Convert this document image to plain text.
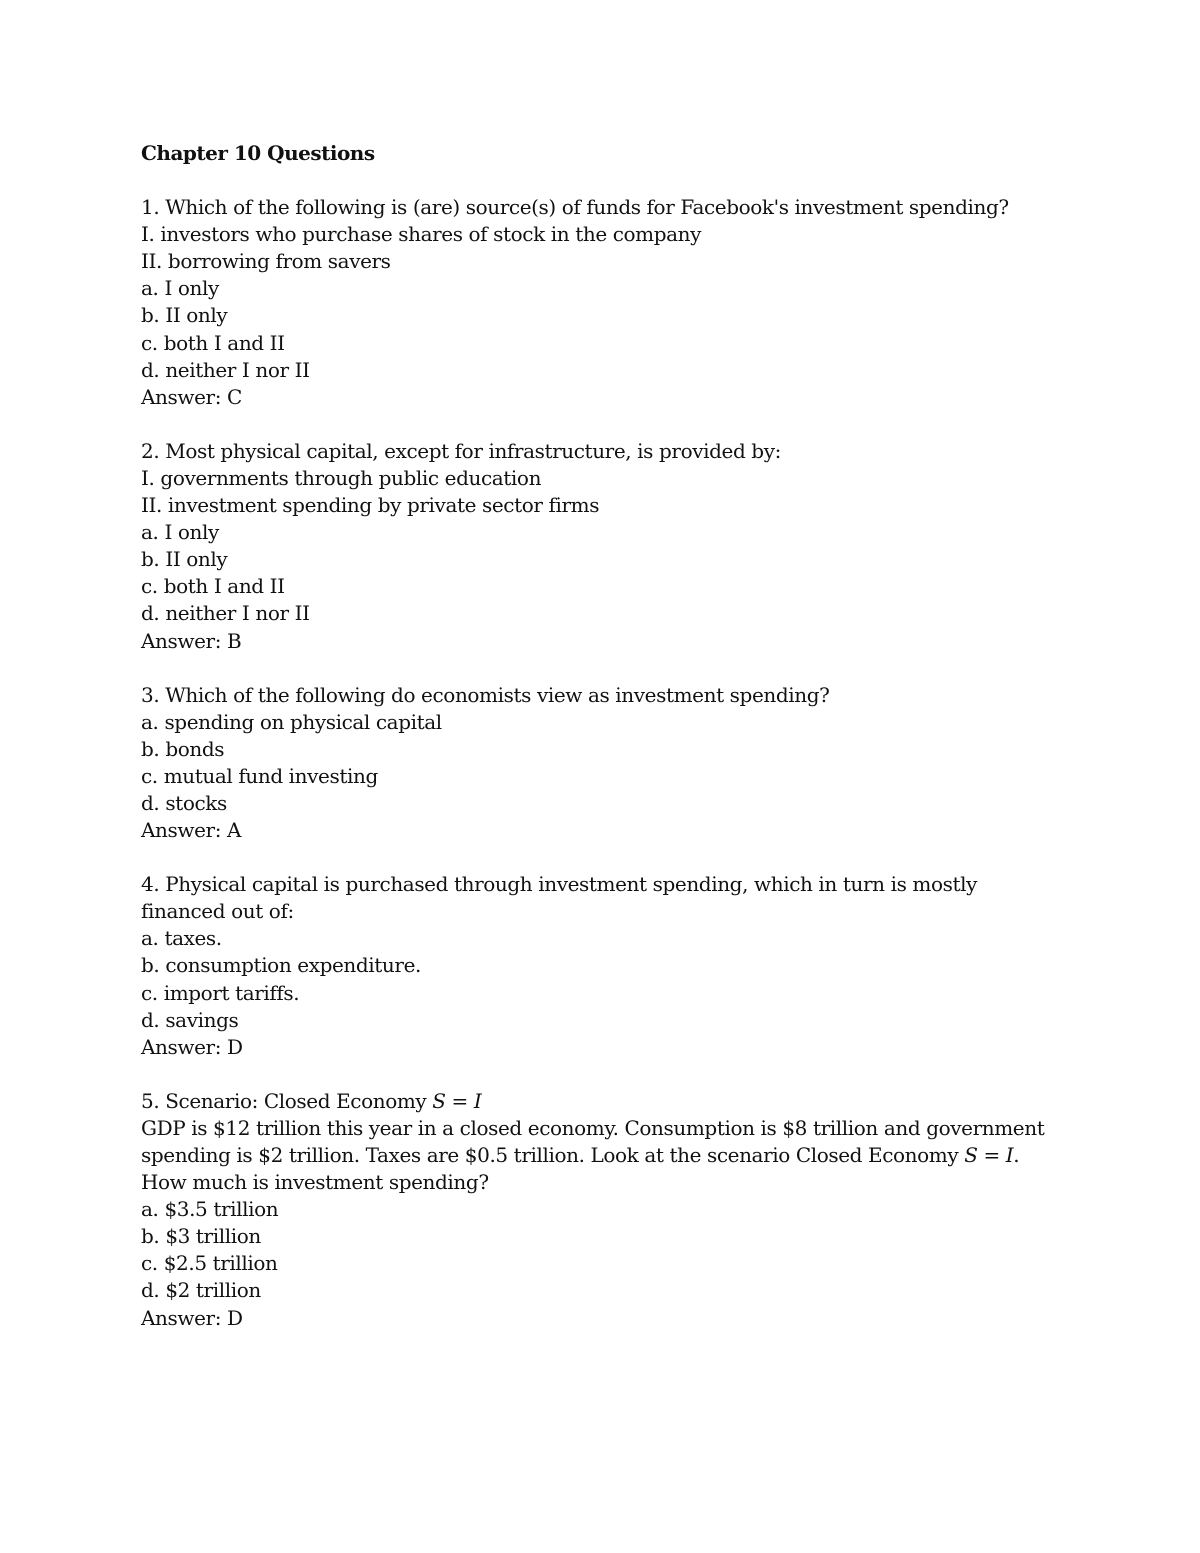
Chapter 10 Questions
1. Which of the following is (are) source(s) of funds for Facebook's investment spending?
I. investors who purchase shares of stock in the company
II. borrowing from savers
a. I only
b. II only
c. both I and II
d. neither I nor II
Answer: C
2. Most physical capital, except for infrastructure, is provided by:
I. governments through public education
II. investment spending by private sector firms
a. I only
b. II only
c. both I and II
d. neither I nor II
Answer: B
3. Which of the following do economists view as investment spending?
a. spending on physical capital
b. bonds
c. mutual fund investing
d. stocks
Answer: A
4. Physical capital is purchased through investment spending, which in turn is mostly financed out of:
a. taxes.
b. consumption expenditure.
c. import tariffs.
d. savings
Answer: D
5. Scenario: Closed Economy S = I
GDP is $12 trillion this year in a closed economy. Consumption is $8 trillion and government spending is $2 trillion. Taxes are $0.5 trillion. Look at the scenario Closed Economy S = I. How much is investment spending?
a. $3.5 trillion
b. $3 trillion
c. $2.5 trillion
d. $2 trillion
Answer: D
